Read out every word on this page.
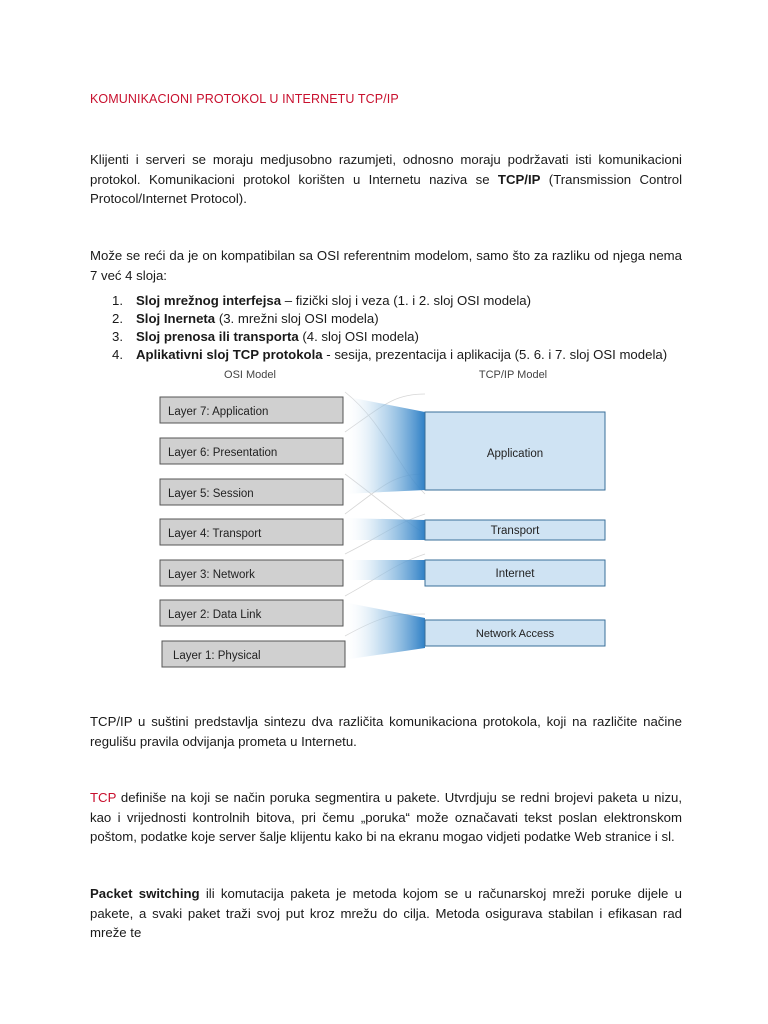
KOMUNIKACIONI PROTOKOL U INTERNETU TCP/IP

Klijenti i serveri se moraju medjusobno razumjeti, odnosno moraju podržavati isti komunikacioni protokol. Komunikacioni protokol korišten u Internetu naziva se TCP/IP (Transmission Control Protocol/Internet Protocol).

Može se reći da je on kompatibilan sa OSI referentnim modelom, samo što za razliku od njega nema 7 već 4 sloja:

1. Sloj mrežnog interfejsa – fizički sloj i veza (1. i 2. sloj OSI modela)
2. Sloj Inerneta (3. mrežni sloj OSI modela)
3. Sloj prenosa ili transporta (4. sloj OSI modela)
4. Aplikativni sloj TCP protokola - sesija, prezentacija i aplikacija (5. 6. i 7. sloj OSI modela)
OSI Model	TCP/IP Model
Layer 7: Application
Layer 6: Presentation
Layer 5: Session
Layer 4: Transport
Layer 3: Network
Layer 2: Data Link
Layer 1: Physical
Application
Transport
Internet
Network Access

TCP/IP u suštini predstavlja sintezu dva različita komunikaciona protokola, koji na različite načine regulišu pravila odvijanja prometa u Internetu.

TCP definiše na koji se način poruka segmentira u pakete. Utvrdjuju se redni brojevi paketa u nizu, kao i vrijednosti kontrolnih bitova, pri čemu „poruka“ može označavati tekst poslan elektronskom poštom, podatke koje server šalje klijentu kako bi na ekranu mogao vidjeti podatke Web stranice i sl.

Packet switching ili komutacija paketa je metoda kojom se u računarskoj mreži poruke dijele u pakete, a svaki paket traži svoj put kroz mrežu do cilja. Metoda osigurava stabilan i efikasan rad mreže te
